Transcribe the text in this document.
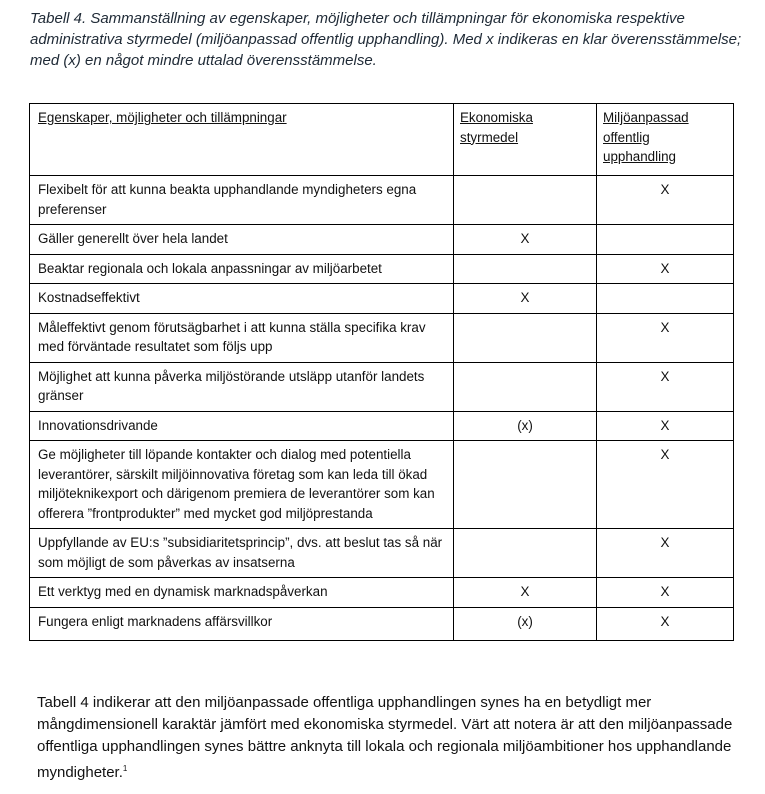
Tabell 4. Sammanställning av egenskaper, möjligheter och tillämpningar för ekonomiska respektive administrativa styrmedel (miljöanpassad offentlig upphandling). Med x indikeras en klar överensstämmelse; med (x) en något mindre uttalad överensstämmelse.
Egenskaper, möjligheter och tillämpningar	Ekonomiska styrmedel	Miljöanpassad offentlig upphandling
Flexibelt för att kunna beakta upphandlande myndigheters egna preferenser		X
Gäller generellt över hela landet	X	
Beaktar regionala och lokala anpassningar av miljöarbetet		X
Kostnadseffektivt	X	
Måleffektivt genom förutsägbarhet i att kunna ställa specifika krav med förväntade resultatet som följs upp		X
Möjlighet att kunna påverka miljöstörande utsläpp utanför landets gränser		X
Innovationsdrivande	(x)	X
Ge möjligheter till löpande kontakter och dialog med potentiella leverantörer, särskilt miljöinnovativa företag som kan leda till ökad miljöteknikexport och därigenom premiera de leverantörer som kan offerera ”frontprodukter” med mycket god miljöprestanda		X
Uppfyllande av EU:s ”subsidiaritetsprincip”, dvs. att beslut tas så när som möjligt de som påverkas av insatserna		X
Ett verktyg med en dynamisk marknadspåverkan	X	X
Fungera enligt marknadens affärsvillkor	(x)	X
Tabell 4 indikerar att den miljöanpassade offentliga upphandlingen synes ha en betydligt mer mångdimensionell karaktär jämfört med ekonomiska styrmedel. Värt att notera är att den miljöanpassade offentliga upphandlingen synes bättre anknyta till lokala och regionala miljöambitioner hos upphandlande myndigheter.$^1$
